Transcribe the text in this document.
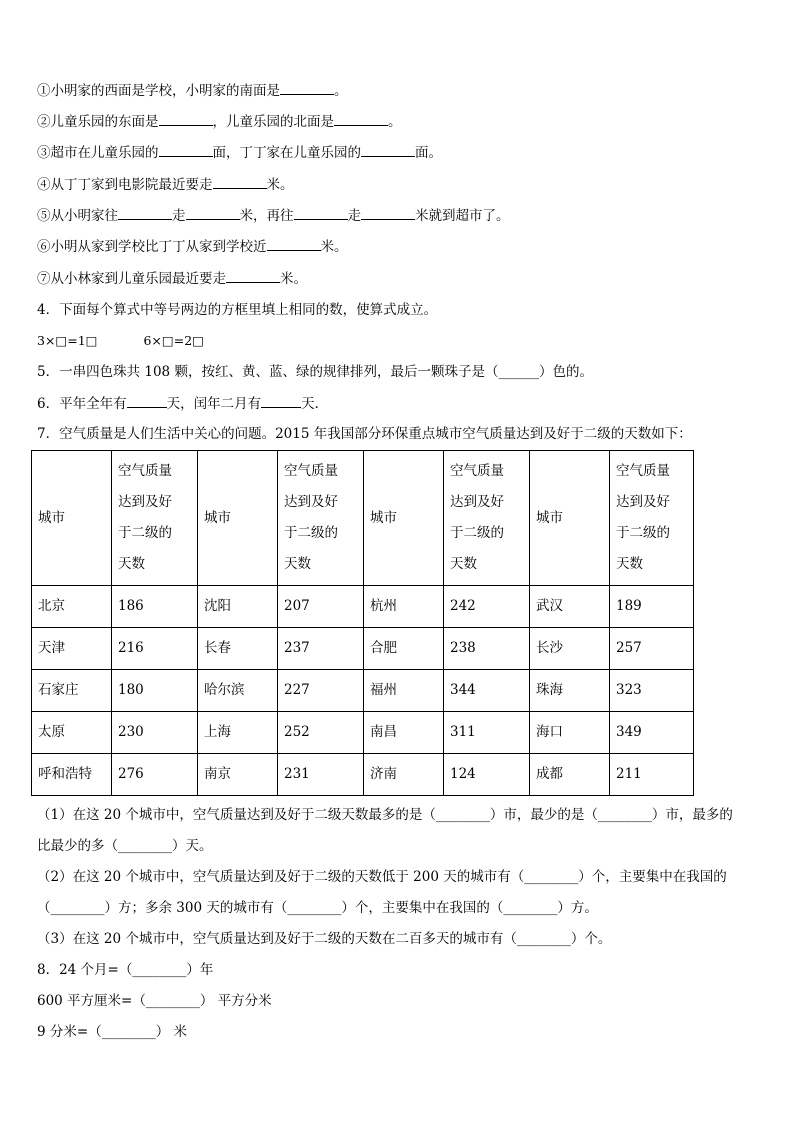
①小明家的西面是学校，小明家的南面是	。
②儿童乐园的东面是	，儿童乐园的北面是	。
③超市在儿童乐园的	面，丁丁家在儿童乐园的	面。
④从丁丁家到电影院最近要走	米。
⑤从小明家往	走	米，再往	走	米就到超市了。
⑥小明从家到学校比丁丁从家到学校近	米。
⑦从小林家到儿童乐园最近要走	米。
4．下面每个算式中等号两边的方框里填上相同的数，使算式成立。
3×□=1□	6×□=2□
5．一串四色珠共 108 颗，按红、黄、蓝、绿的规律排列，最后一颗珠子是（______）色的。
6．平年全年有	天，闰年二月有	天．
7．空气质量是人们生活中关心的问题。2015 年我国部分环保重点城市空气质量达到及好于二级的天数如下：
城市	空气质量
达到及好
于二级的
天数	城市	空气质量
达到及好
于二级的
天数	城市	空气质量
达到及好
于二级的
天数	城市	空气质量
达到及好
于二级的
天数
北京	186	沈阳	207	杭州	242	武汉	189
天津	216	长春	237	合肥	238	长沙	257
石家庄	180	哈尔滨	227	福州	344	珠海	323
太原	230	上海	252	南昌	311	海口	349
呼和浩特	276	南京	231	济南	124	成都	211
（1）在这 20 个城市中，空气质量达到及好于二级天数最多的是（________）市，最少的是（________）市，最多的
比最少的多（________）天。
（2）在这 20 个城市中，空气质量达到及好于二级的天数低于 200 天的城市有（________）个，主要集中在我国的
（________）方；多余 300 天的城市有（________）个，主要集中在我国的（________）方。
（3）在这 20 个城市中，空气质量达到及好于二级的天数在二百多天的城市有（________）个。
8．24 个月=（________）年
600 平方厘米=（________） 平方分米
9 分米=（________） 米
